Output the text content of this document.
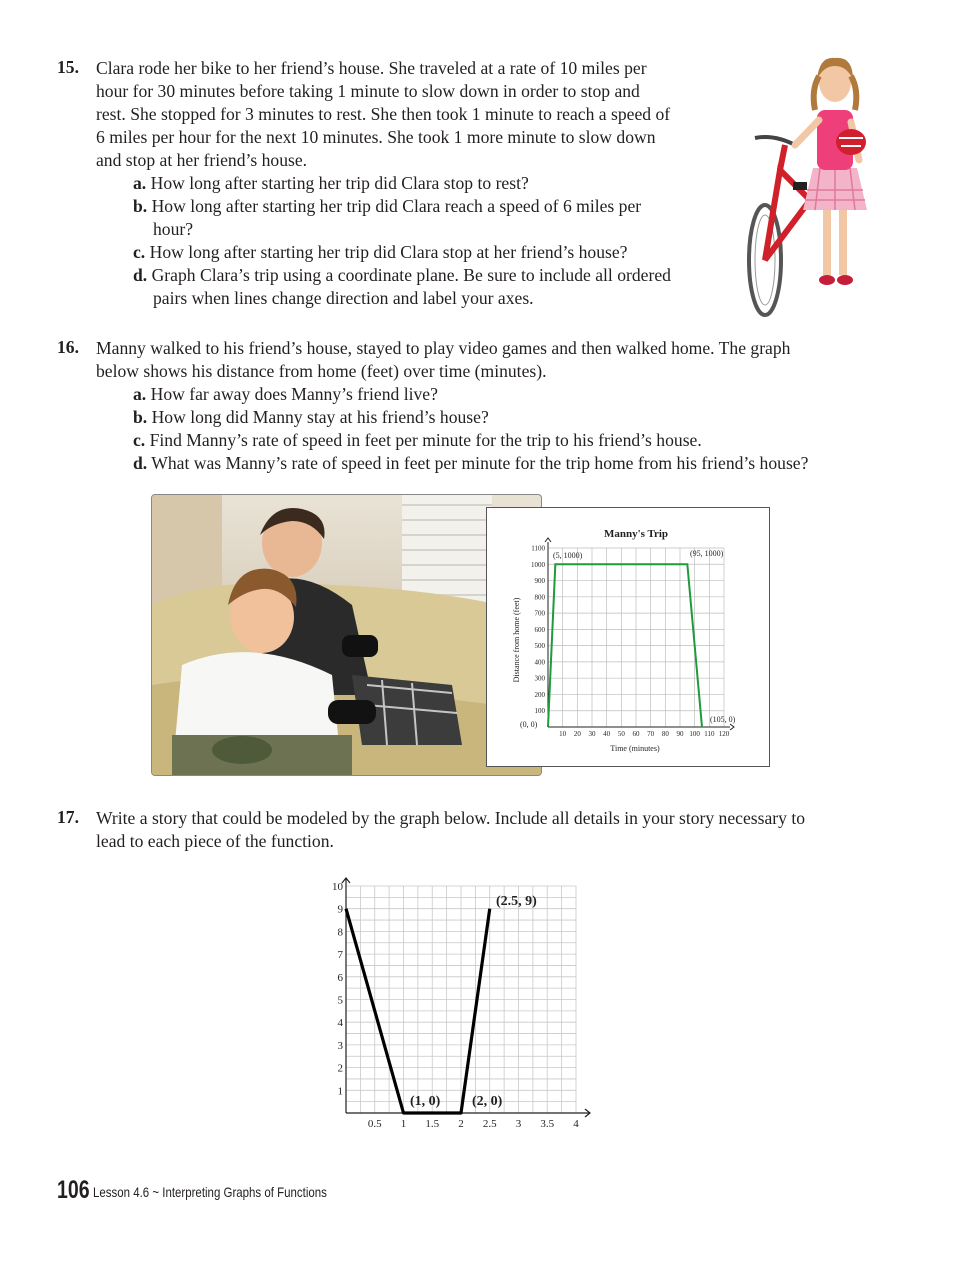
15. Clara rode her bike to her friend’s house. She traveled at a rate of 10 miles per
hour for 30 minutes before taking 1 minute to slow down in order to stop and
rest. She stopped for 3 minutes to rest. She then took 1 minute to reach a speed of
6 miles per hour for the next 10 minutes. She took 1 more minute to slow down
and stop at her friend’s house.
a. How long after starting her trip did Clara stop to rest?
b. How long after starting her trip did Clara reach a speed of 6 miles per
hour?
c. How long after starting her trip did Clara stop at her friend’s house?
d. Graph Clara’s trip using a coordinate plane. Be sure to include all ordered
pairs when lines change direction and label your axes.
16. Manny walked to his friend’s house, stayed to play video games and then walked home. The graph
below shows his distance from home (feet) over time (minutes).
a. How far away does Manny’s friend live?
b. How long did Manny stay at his friend’s house?
c. Find Manny’s rate of speed in feet per minute for the trip to his friend’s house.
d. What was Manny’s rate of speed in feet per minute for the trip home from his friend’s house?
Manny's Trip
Distance from home (feet)
Time (minutes)
10 20 30 40 50 60 70 80 90 100 110 120
100
200
300
400
500
600
700
800
900
1000
1100
(0, 0)
(5, 1000)	(95, 1000)
(105, 0)
17. Write a story that could be modeled by the graph below. Include all details in your story necessary to
lead to each piece of the function.
0.5 1 1.5 2 2.5 3 3.5 4
1
2
3
4
5
6
7
8
9
10
(1, 0) (2, 0)
(2.5, 9)
106 Lesson 4.6 ~ Interpreting Graphs of Functions
